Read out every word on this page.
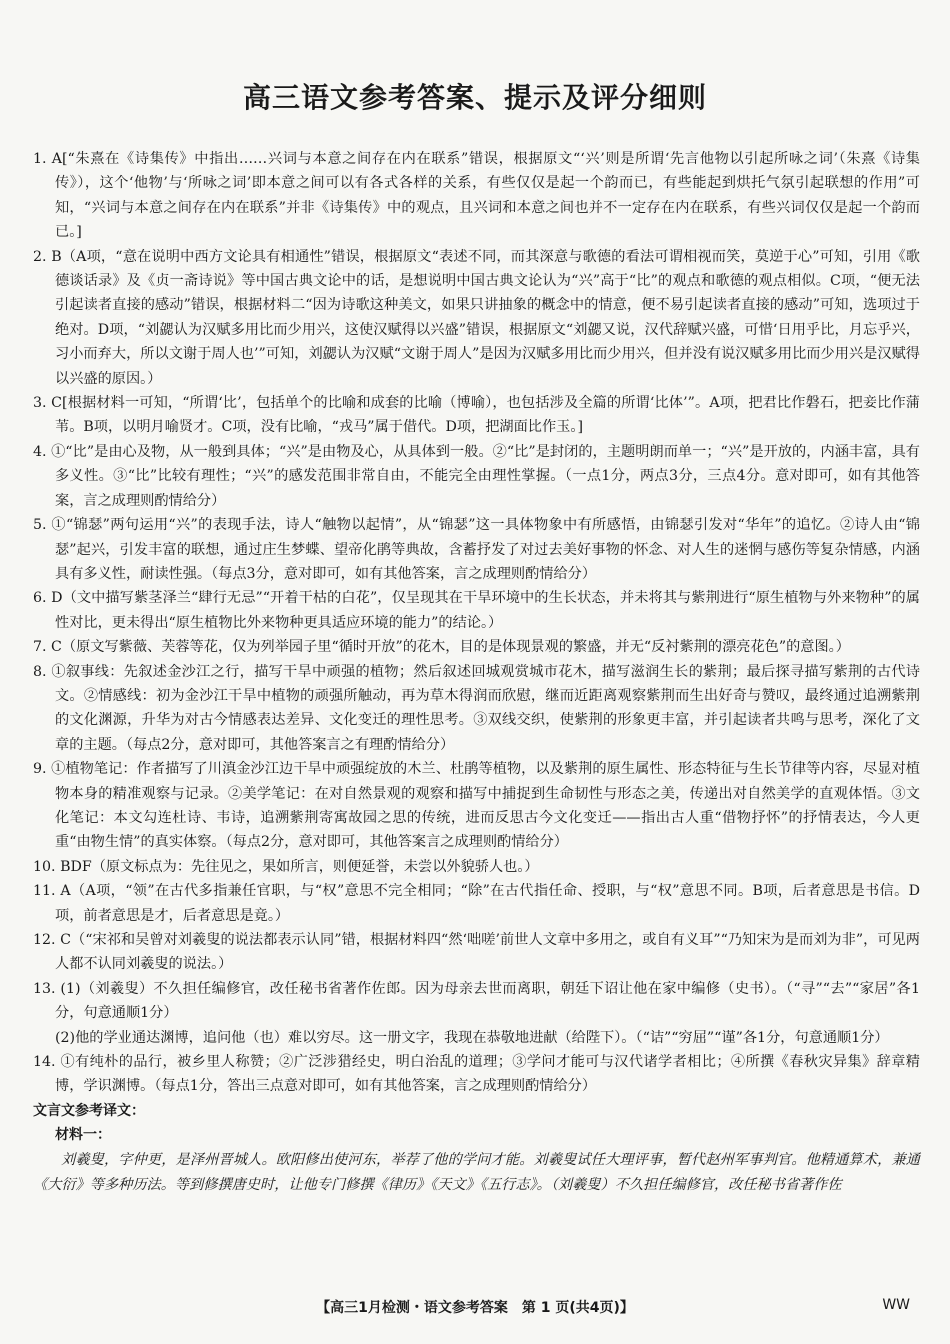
高三语文参考答案、提示及评分细则

1. A[“朱熹在《诗集传》中指出……兴词与本意之间存在内在联系”错误，根据原文“‘兴’则是所谓‘先言他物以引起所咏之词’（朱熹《诗集传》），这个‘他物’与‘所咏之词’即本意之间可以有各式各样的关系，有些仅仅是起一个韵而已，有些能起到烘托气氛引起联想的作用”可知，“兴词与本意之间存在内在联系”并非《诗集传》中的观点，且兴词和本意之间也并不一定存在内在联系，有些兴词仅仅是起一个韵而已。]

2. B（A项，“意在说明中西方文论具有相通性”错误，根据原文“表述不同，而其深意与歌德的看法可谓相视而笑，莫逆于心”可知，引用《歌德谈话录》及《贞一斋诗说》等中国古典文论中的话，是想说明中国古典文论认为“兴”高于“比”的观点和歌德的观点相似。C项，“便无法引起读者直接的感动”错误，根据材料二“因为诗歌这种美文，如果只讲抽象的概念中的情意，便不易引起读者直接的感动”可知，选项过于绝对。D项，“刘勰认为汉赋多用比而少用兴，这使汉赋得以兴盛”错误，根据原文“刘勰又说，汉代辞赋兴盛，可惜‘日用乎比，月忘乎兴，习小而弃大，所以文谢于周人也’”可知，刘勰认为汉赋“文谢于周人”是因为汉赋多用比而少用兴，但并没有说汉赋多用比而少用兴是汉赋得以兴盛的原因。）

3. C[根据材料一可知，“所谓‘比’，包括单个的比喻和成套的比喻（博喻），也包括涉及全篇的所谓‘比体’”。A项，把君比作磐石，把妾比作蒲苇。B项，以明月喻贤才。C项，没有比喻，“戎马”属于借代。D项，把湖面比作玉。]

4. ①“比”是由心及物，从一般到具体；“兴”是由物及心，从具体到一般。②“比”是封闭的，主题明朗而单一；“兴”是开放的，内涵丰富，具有多义性。③“比”比较有理性；“兴”的感发范围非常自由，不能完全由理性掌握。（一点1分，两点3分，三点4分。意对即可，如有其他答案，言之成理则酌情给分）

5. ①“锦瑟”两句运用“兴”的表现手法，诗人“触物以起情”，从“锦瑟”这一具体物象中有所感悟，由锦瑟引发对“华年”的追忆。②诗人由“锦瑟”起兴，引发丰富的联想，通过庄生梦蝶、望帝化鹃等典故，含蓄抒发了对过去美好事物的怀念、对人生的迷惘与感伤等复杂情感，内涵具有多义性，耐读性强。（每点3分，意对即可，如有其他答案，言之成理则酌情给分）

6. D（文中描写紫茎泽兰“肆行无忌”“开着干枯的白花”，仅呈现其在干旱环境中的生长状态，并未将其与紫荆进行“原生植物与外来物种”的属性对比，更未得出“原生植物比外来物种更具适应环境的能力”的结论。）

7. C（原文写紫薇、芙蓉等花，仅为列举园子里“循时开放”的花木，目的是体现景观的繁盛，并无“反衬紫荆的漂亮花色”的意图。）

8. ①叙事线：先叙述金沙江之行，描写干旱中顽强的植物；然后叙述回城观赏城市花木，描写滋润生长的紫荆；最后探寻描写紫荆的古代诗文。②情感线：初为金沙江干旱中植物的顽强所触动，再为草木得润而欣慰，继而近距离观察紫荆而生出好奇与赞叹，最终通过追溯紫荆的文化渊源，升华为对古今情感表达差异、文化变迁的理性思考。③双线交织，使紫荆的形象更丰富，并引起读者共鸣与思考，深化了文章的主题。（每点2分，意对即可，其他答案言之有理酌情给分）

9. ①植物笔记：作者描写了川滇金沙江边干旱中顽强绽放的木兰、杜鹃等植物，以及紫荆的原生属性、形态特征与生长节律等内容，尽显对植物本身的精准观察与记录。②美学笔记：在对自然景观的观察和描写中捕捉到生命韧性与形态之美，传递出对自然美学的直观体悟。③文化笔记：本文勾连杜诗、韦诗，追溯紫荆寄寓故园之思的传统，进而反思古今文化变迁——指出古人重“借物抒怀”的抒情表达，今人更重“由物生情”的真实体察。（每点2分，意对即可，其他答案言之成理则酌情给分）

10. BDF（原文标点为：先往见之，果如所言，则便延誉，未尝以外貌骄人也。）

11. A（A项，“领”在古代多指兼任官职，与“权”意思不完全相同；“除”在古代指任命、授职，与“权”意思不同。B项，后者意思是书信。D项，前者意思是才，后者意思是竟。）

12. C（“宋祁和吴曾对刘羲叟的说法都表示认同”错，根据材料四“然‘咄嗟’前世人文章中多用之，或自有义耳”“乃知宋为是而刘为非”，可见两人都不认同刘羲叟的说法。）

13. (1)（刘羲叟）不久担任编修官，改任秘书省著作佐郎。因为母亲去世而离职，朝廷下诏让他在家中编修（史书）。（“寻”“去”“家居”各1分，句意通顺1分）

(2)他的学业通达渊博，追问他（也）难以穷尽。这一册文字，我现在恭敬地进献（给陛下）。（“诘”“穷屈”“谨”各1分，句意通顺1分）

14. ①有纯朴的品行，被乡里人称赞；②广泛涉猎经史，明白治乱的道理；③学问才能可与汉代诸学者相比；④所撰《春秋灾异集》辞章精博，学识渊博。（每点1分，答出三点意对即可，如有其他答案，言之成理则酌情给分）

文言文参考译文：

材料一：

刘羲叟，字仲更，是泽州晋城人。欧阳修出使河东，举荐了他的学问才能。刘羲叟试任大理评事，暂代赵州军事判官。他精通算术，兼通《大衍》等多种历法。等到修撰唐史时，让他专门修撰《律历》《天文》《五行志》。（刘羲叟）不久担任编修官，改任秘书省著作佐

【高三1月检测・语文参考答案　第 1 页(共4页)】	WW
